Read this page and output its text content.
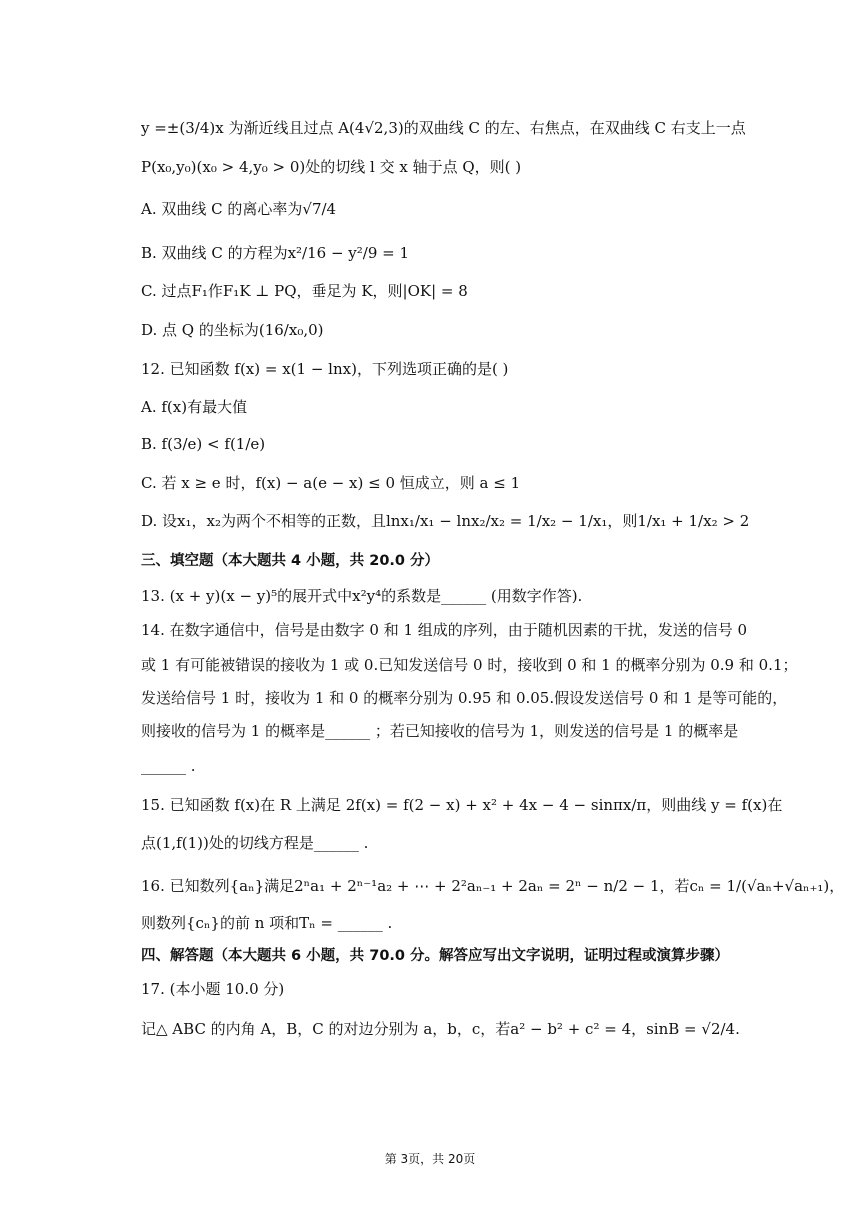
y =±(3/4)x 为渐近线且过点 A(4√2,3)的双曲线 C 的左、右焦点，在双曲线 C 右支上一点
P(x₀,y₀)(x₀ > 4,y₀ > 0)处的切线 l 交 x 轴于点 Q，则( )
A. 双曲线 C 的离心率为√7/4
B. 双曲线 C 的方程为x²/16 − y²/9 = 1
C. 过点F₁作F₁K ⊥ PQ，垂足为 K，则|OK| = 8
D. 点 Q 的坐标为(16/x₀,0)
12. 已知函数 f(x) = x(1 − lnx)，下列选项正确的是( )
A. f(x)有最大值
B. f(3/e) < f(1/e)
C. 若 x ≥ e 时，f(x) − a(e − x) ≤ 0 恒成立，则 a ≤ 1
D. 设x₁，x₂为两个不相等的正数，且lnx₁/x₁ − lnx₂/x₂ = 1/x₂ − 1/x₁，则1/x₁ + 1/x₂ > 2
三、填空题（本大题共 4 小题，共 20.0 分）
13. (x + y)(x − y)⁵的展开式中x²y⁴的系数是______ (用数字作答).
14. 在数字通信中，信号是由数字 0 和 1 组成的序列，由于随机因素的干扰，发送的信号 0
或 1 有可能被错误的接收为 1 或 0.已知发送信号 0 时，接收到 0 和 1 的概率分别为 0.9 和 0.1；
发送给信号 1 时，接收为 1 和 0 的概率分别为 0.95 和 0.05.假设发送信号 0 和 1 是等可能的，
则接收的信号为 1 的概率是______ ；若已知接收的信号为 1，则发送的信号是 1 的概率是
______ .
15. 已知函数 f(x)在 R 上满足 2f(x) = f(2 − x) + x² + 4x − 4 − sinπx/π，则曲线 y = f(x)在
点(1,f(1))处的切线方程是______ .
16. 已知数列{aₙ}满足2ⁿa₁ + 2ⁿ⁻¹a₂ + ⋯ + 2²aₙ₋₁ + 2aₙ = 2ⁿ − n/2 − 1，若cₙ = 1/(√aₙ+√aₙ₊₁)，
则数列{cₙ}的前 n 项和Tₙ = ______ .
四、解答题（本大题共 6 小题，共 70.0 分。解答应写出文字说明，证明过程或演算步骤）
17. (本小题 10.0 分)
记△ ABC 的内角 A，B，C 的对边分别为 a，b，c，若a² − b² + c² = 4，sinB = √2/4.
第 3页，共 20页
